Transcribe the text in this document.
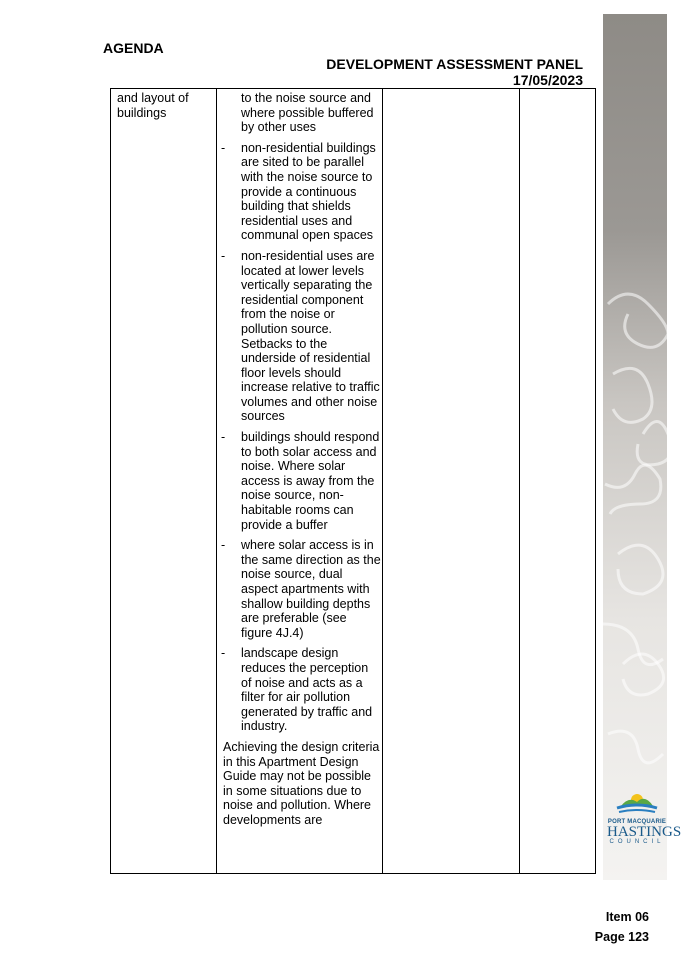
AGENDA
DEVELOPMENT ASSESSMENT PANEL
17/05/2023
and layout of buildings
to the noise source and where possible buffered by other uses
- non-residential buildings are sited to be parallel with the noise source to provide a continuous building that shields residential uses and communal open spaces
- non-residential uses are located at lower levels vertically separating the residential component from the noise or pollution source. Setbacks to the underside of residential floor levels should increase relative to traffic volumes and other noise sources
- buildings should respond to both solar access and noise. Where solar access is away from the noise source, non-habitable rooms can provide a buffer
- where solar access is in the same direction as the noise source, dual aspect apartments with shallow building depths are preferable (see figure 4J.4)
- landscape design reduces the perception of noise and acts as a filter for air pollution generated by traffic and industry.
Achieving the design criteria in this Apartment Design Guide may not be possible in some situations due to noise and pollution. Where developments are	PORT MACQUARIE
HASTINGS
COUNCIL
Item 06
Page 123
